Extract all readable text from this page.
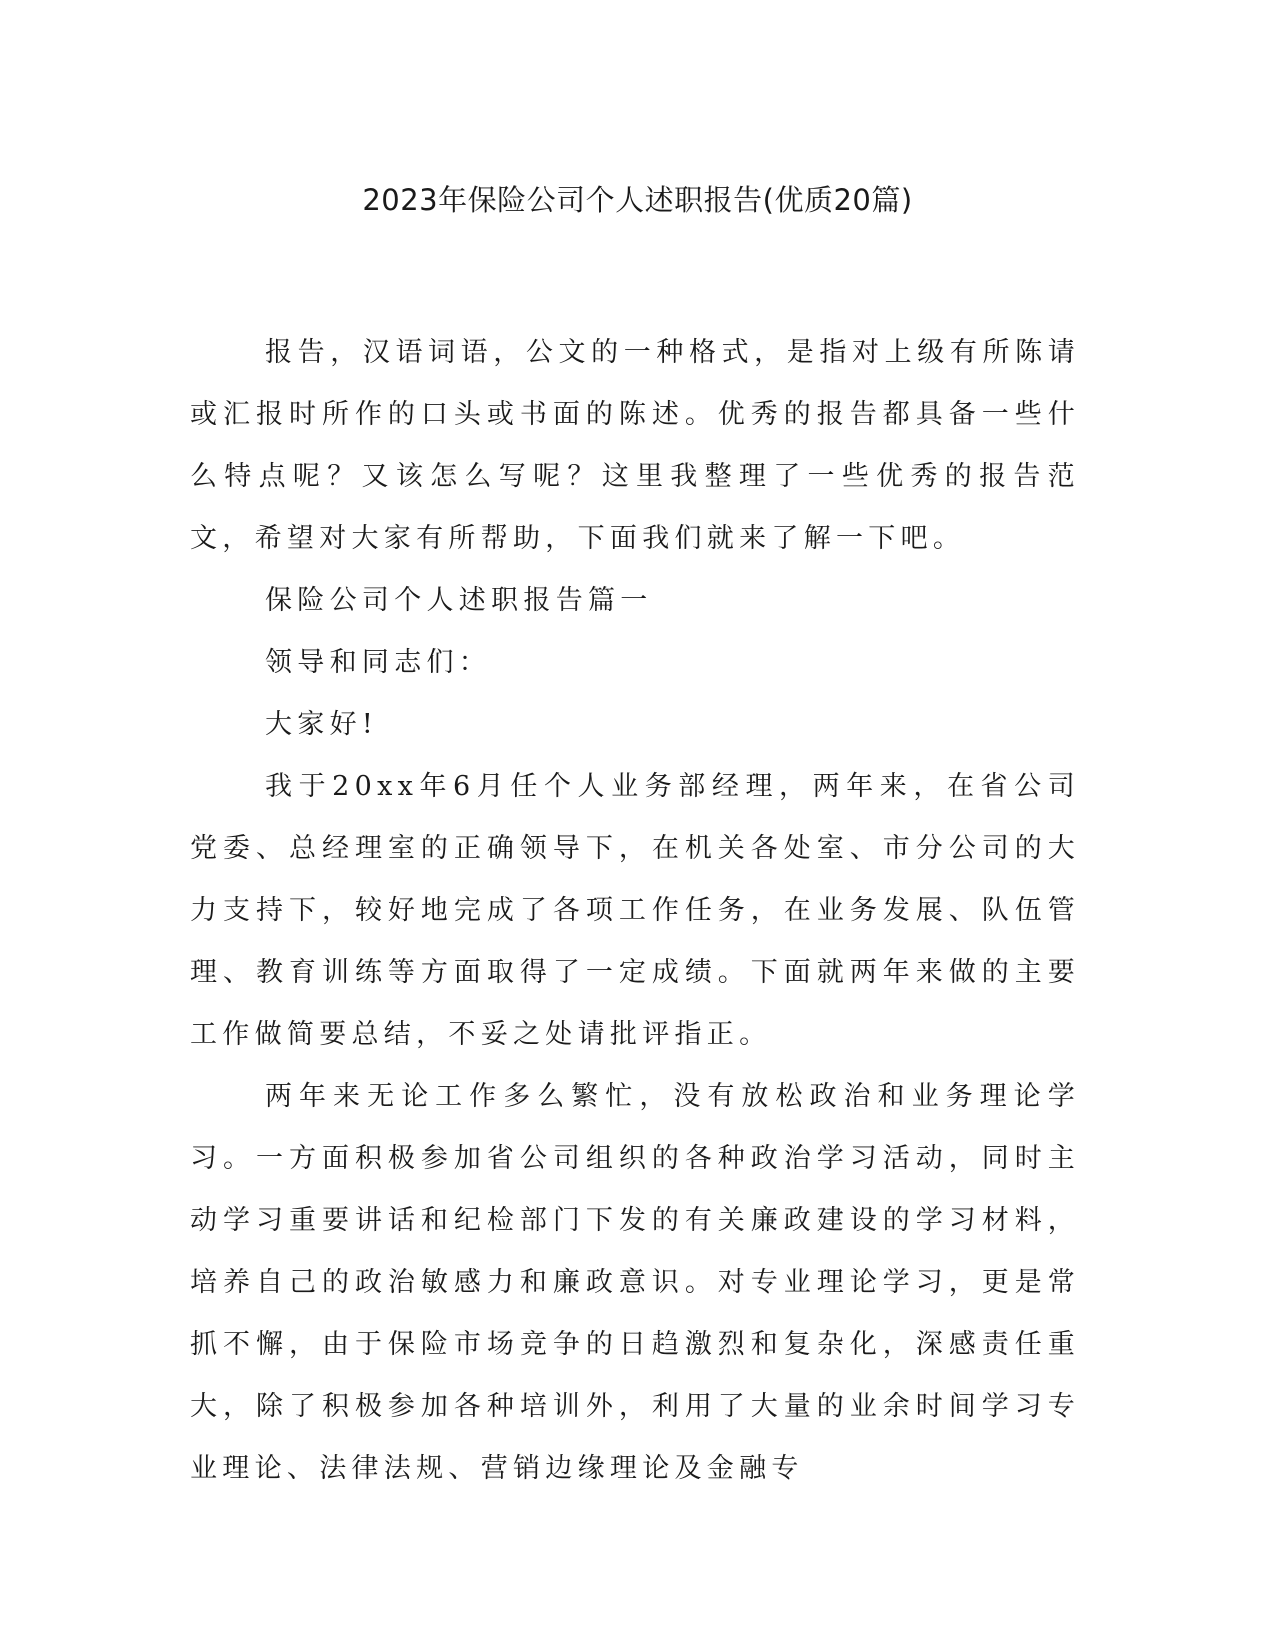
2023年保险公司个人述职报告(优质20篇)

报告，汉语词语，公文的一种格式，是指对上级有所陈请或汇报时所作的口头或书面的陈述。优秀的报告都具备一些什么特点呢？又该怎么写呢？这里我整理了一些优秀的报告范文，希望对大家有所帮助，下面我们就来了解一下吧。

保险公司个人述职报告篇一

领导和同志们：

大家好!

我于20xx年6月任个人业务部经理，两年来，在省公司党委、总经理室的正确领导下，在机关各处室、市分公司的大力支持下，较好地完成了各项工作任务，在业务发展、队伍管理、教育训练等方面取得了一定成绩。下面就两年来做的主要工作做简要总结，不妥之处请批评指正。

两年来无论工作多么繁忙，没有放松政治和业务理论学习。一方面积极参加省公司组织的各种政治学习活动，同时主动学习重要讲话和纪检部门下发的有关廉政建设的学习材料，培养自己的政治敏感力和廉政意识。对专业理论学习，更是常抓不懈，由于保险市场竞争的日趋激烈和复杂化，深感责任重大，除了积极参加各种培训外，利用了大量的业余时间学习专业理论、法律法规、营销边缘理论及金融专
